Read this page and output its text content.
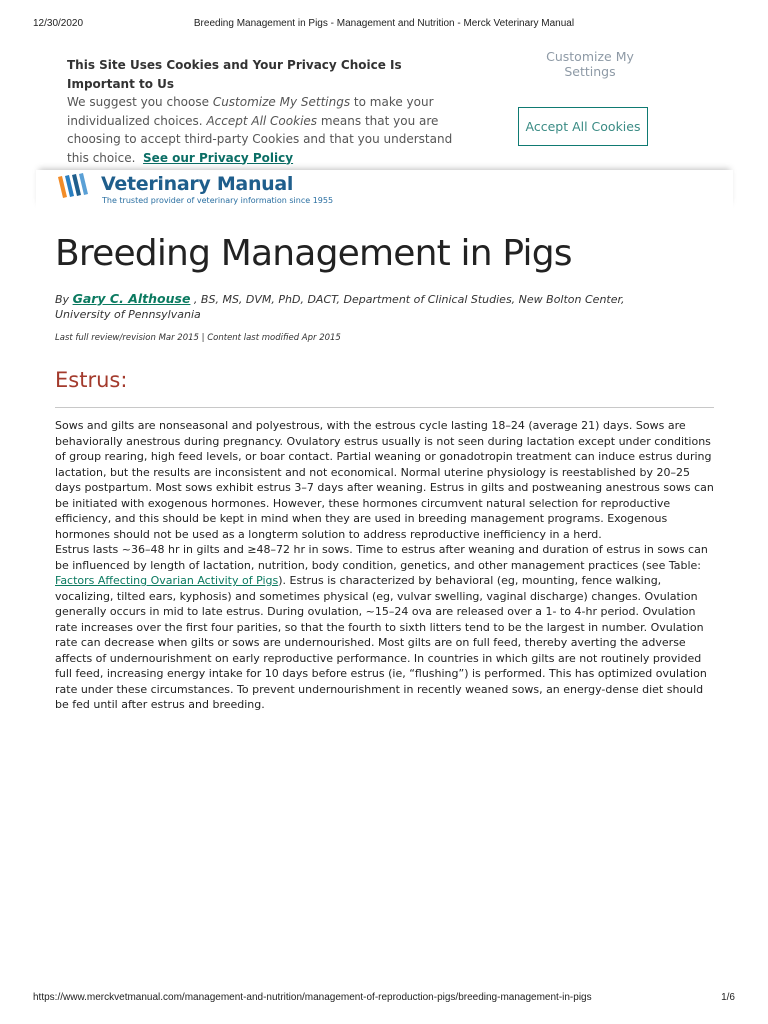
12/30/2020	Breeding Management in Pigs - Management and Nutrition - Merck Veterinary Manual
This Site Uses Cookies and Your Privacy Choice Is Important to Us
We suggest you choose Customize My Settings to make your individualized choices. Accept All Cookies means that you are choosing to accept third-party Cookies and that you understand this choice. See our Privacy Policy
Customize My Settings
Accept All Cookies
Veterinary Manual
The trusted provider of veterinary information since 1955
Breeding Management in Pigs
By Gary C. Althouse , BS, MS, DVM, PhD, DACT, Department of Clinical Studies, New Bolton Center, University of Pennsylvania
Last full review/revision Mar 2015 | Content last modified Apr 2015
Estrus:

Sows and gilts are nonseasonal and polyestrous, with the estrous cycle lasting 18–24 (average 21) days. Sows are behaviorally anestrous during pregnancy. Ovulatory estrus usually is not seen during lactation except under conditions of group rearing, high feed levels, or boar contact. Partial weaning or gonadotropin treatment can induce estrus during lactation, but the results are inconsistent and not economical. Normal uterine physiology is reestablished by 20–25 days postpartum. Most sows exhibit estrus 3–7 days after weaning. Estrus in gilts and postweaning anestrous sows can be initiated with exogenous hormones. However, these hormones circumvent natural selection for reproductive efficiency, and this should be kept in mind when they are used in breeding management programs. Exogenous hormones should not be used as a longterm solution to address reproductive inefficiency in a herd.

Estrus lasts ~36–48 hr in gilts and ≥48–72 hr in sows. Time to estrus after weaning and duration of estrus in sows can be influenced by length of lactation, nutrition, body condition, genetics, and other management practices (see Table: Factors Affecting Ovarian Activity of Pigs). Estrus is characterized by behavioral (eg, mounting, fence walking, vocalizing, tilted ears, kyphosis) and sometimes physical (eg, vulvar swelling, vaginal discharge) changes. Ovulation generally occurs in mid to late estrus. During ovulation, ~15–24 ova are released over a 1- to 4-hr period. Ovulation rate increases over the first four parities, so that the fourth to sixth litters tend to be the largest in number. Ovulation rate can decrease when gilts or sows are undernourished. Most gilts are on full feed, thereby averting the adverse affects of undernourishment on early reproductive performance. In countries in which gilts are not routinely provided full feed, increasing energy intake for 10 days before estrus (ie, “flushing”) is performed. This has optimized ovulation rate under these circumstances. To prevent undernourishment in recently weaned sows, an energy-dense diet should be fed until after estrus and breeding.

https://www.merckvetmanual.com/management-and-nutrition/management-of-reproduction-pigs/breeding-management-in-pigs	1/6
